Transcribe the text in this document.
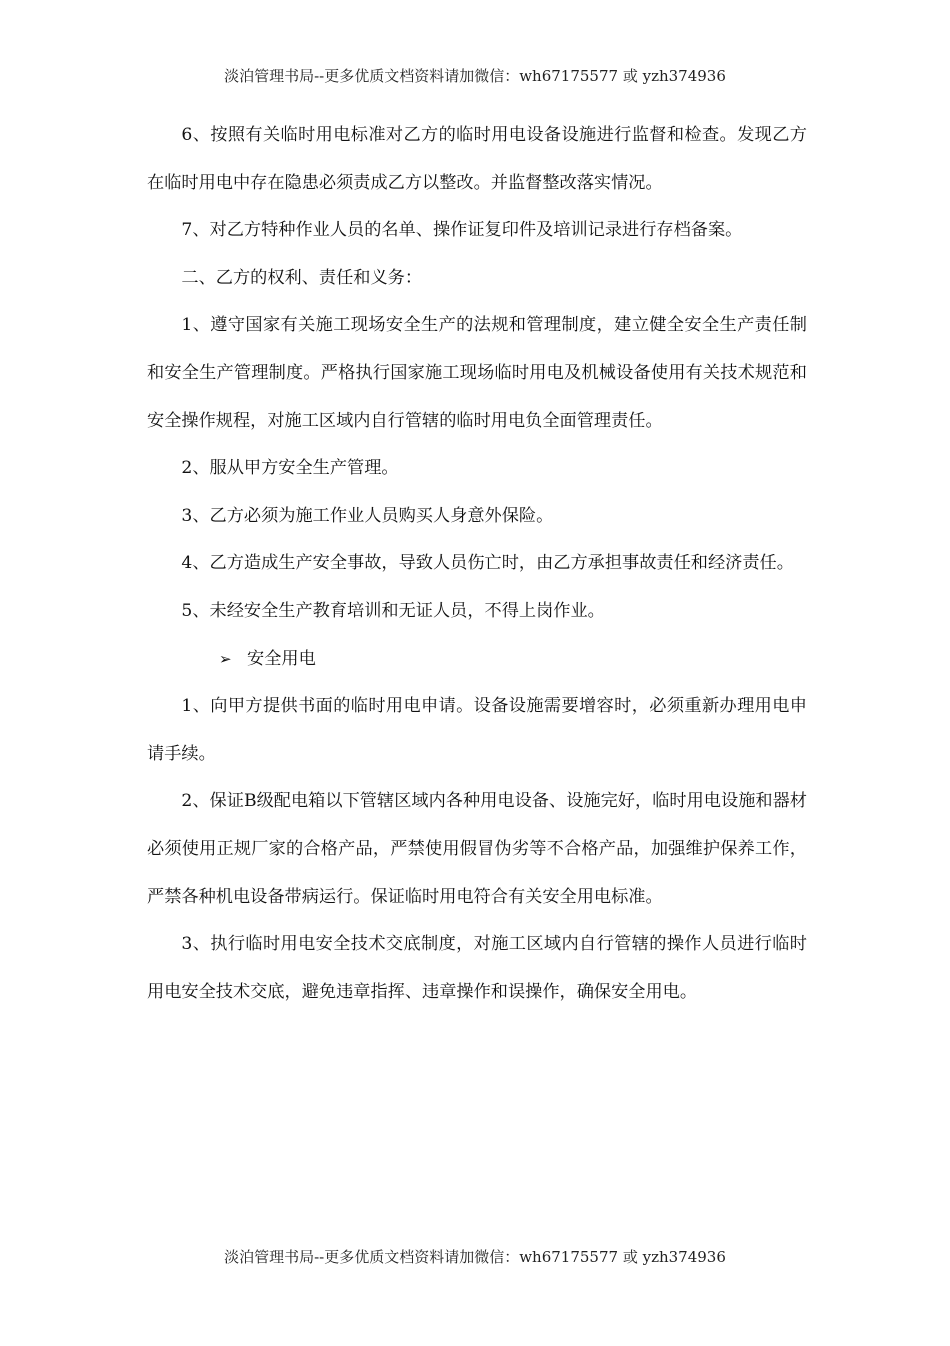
淡泊管理书局--更多优质文档资料请加微信：wh67175577 或 yzh374936

6、按照有关临时用电标准对乙方的临时用电设备设施进行监督和检查。发现乙方在临时用电中存在隐患必须责成乙方以整改。并监督整改落实情况。

7、对乙方特种作业人员的名单、操作证复印件及培训记录进行存档备案。

二、乙方的权利、责任和义务：

1、遵守国家有关施工现场安全生产的法规和管理制度，建立健全安全生产责任制和安全生产管理制度。严格执行国家施工现场临时用电及机械设备使用有关技术规范和安全操作规程，对施工区域内自行管辖的临时用电负全面管理责任。

2、服从甲方安全生产管理。

3、乙方必须为施工作业人员购买人身意外保险。

4、乙方造成生产安全事故，导致人员伤亡时，由乙方承担事故责任和经济责任。

5、未经安全生产教育培训和无证人员，不得上岗作业。

➢ 安全用电

1、向甲方提供书面的临时用电申请。设备设施需要增容时，必须重新办理用电申请手续。

2、保证B级配电箱以下管辖区域内各种用电设备、设施完好，临时用电设施和器材必须使用正规厂家的合格产品，严禁使用假冒伪劣等不合格产品，加强维护保养工作，严禁各种机电设备带病运行。保证临时用电符合有关安全用电标准。

3、执行临时用电安全技术交底制度，对施工区域内自行管辖的操作人员进行临时用电安全技术交底，避免违章指挥、违章操作和误操作，确保安全用电。

淡泊管理书局--更多优质文档资料请加微信：wh67175577 或 yzh374936
